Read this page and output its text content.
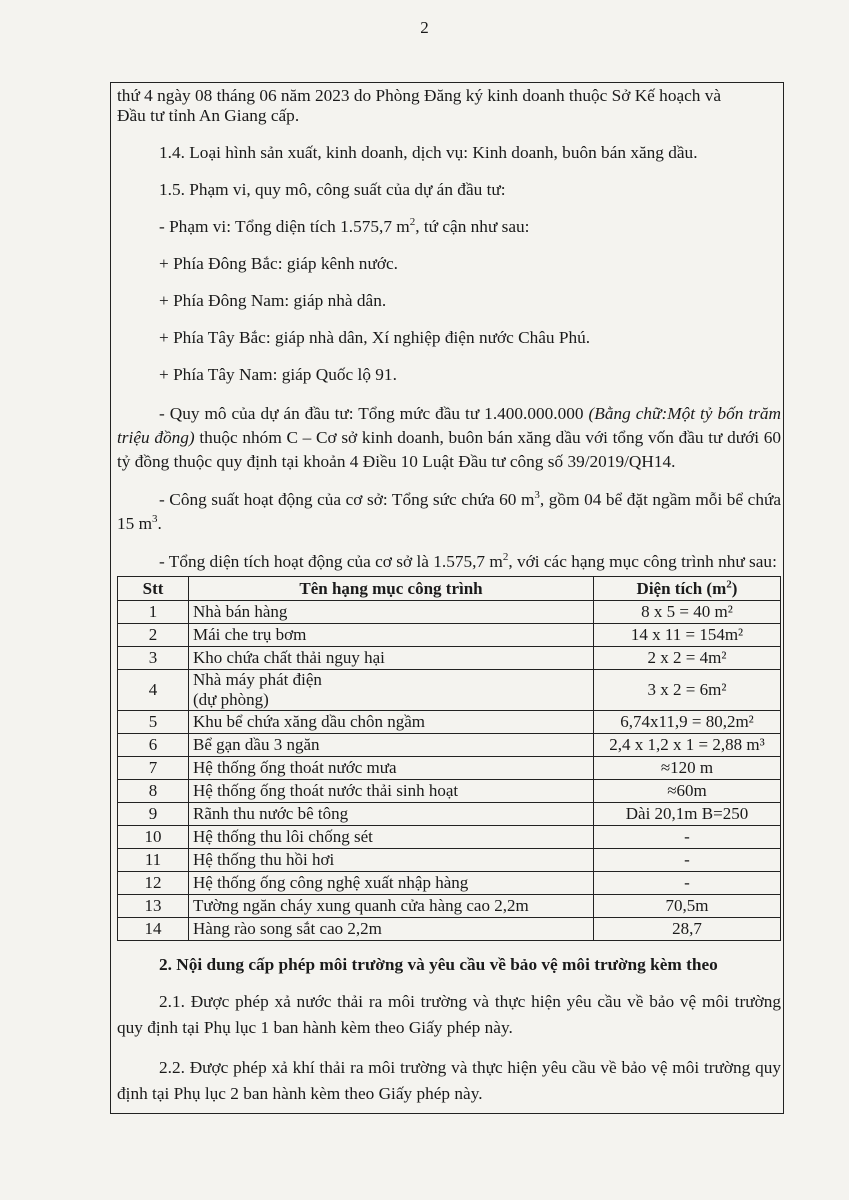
2

thứ 4 ngày 08 tháng 06 năm 2023 do Phòng Đăng ký kinh doanh thuộc Sở Kế hoạch và

Đầu tư tỉnh An Giang cấp.

1.4. Loại hình sản xuất, kinh doanh, dịch vụ: Kinh doanh, buôn bán xăng dầu.

1.5. Phạm vi, quy mô, công suất của dự án đầu tư:

- Phạm vi: Tổng diện tích 1.575,7 $m^2$, tứ cận như sau:

+ Phía Đông Bắc: giáp kênh nước.

+ Phía Đông Nam: giáp nhà dân.

+ Phía Tây Bắc: giáp nhà dân, Xí nghiệp điện nước Châu Phú.

+ Phía Tây Nam: giáp Quốc lộ 91.

- Quy mô của dự án đầu tư: Tổng mức đầu tư 1.400.000.000 (Bằng chữ:Một tỷ bốn trăm triệu đồng) thuộc nhóm C – Cơ sở kinh doanh, buôn bán xăng dầu với tổng vốn đầu tư dưới 60 tỷ đồng thuộc quy định tại khoản 4 Điều 10 Luật Đầu tư công số 39/2019/QH14.

- Công suất hoạt động của cơ sở: Tổng sức chứa 60 $m^3$, gồm 04 bể đặt ngầm mỗi bể chứa 15 $m^3$.

- Tổng diện tích hoạt động của cơ sở là 1.575,7 $m^2$, với các hạng mục công trình như sau:

Stt	Tên hạng mục công trình	Diện tích $(m^2)$
1	Nhà bán hàng	8 x 5 = 40 m²
2	Mái che trụ bơm	14 x 11 = 154m²
3	Kho chứa chất thải nguy hại	2 x 2 = 4m²
4	Nhà máy phát điện
(dự phòng)	3 x 2 = 6m²
5	Khu bể chứa xăng dầu chôn ngầm	6,74x11,9 = 80,2m²
6	Bể gạn dầu 3 ngăn	2,4 x 1,2 x 1 = 2,88 m³
7	Hệ thống ống thoát nước mưa	≈120 m
8	Hệ thống ống thoát nước thải sinh hoạt	≈60m
9	Rãnh thu nước bê tông	Dài 20,1m B=250
10	Hệ thống thu lôi chống sét	-
11	Hệ thống thu hồi hơi	-
12	Hệ thống ống công nghệ xuất nhập hàng	-
13	Tường ngăn cháy xung quanh cửa hàng cao 2,2m	70,5m
14	Hàng rào song sắt cao 2,2m	28,7

2. Nội dung cấp phép môi trường và yêu cầu về bảo vệ môi trường kèm theo

2.1. Được phép xả nước thải ra môi trường và thực hiện yêu cầu về bảo vệ môi trường quy định tại Phụ lục 1 ban hành kèm theo Giấy phép này.

2.2. Được phép xả khí thải ra môi trường và thực hiện yêu cầu về bảo vệ môi trường quy định tại Phụ lục 2 ban hành kèm theo Giấy phép này.
